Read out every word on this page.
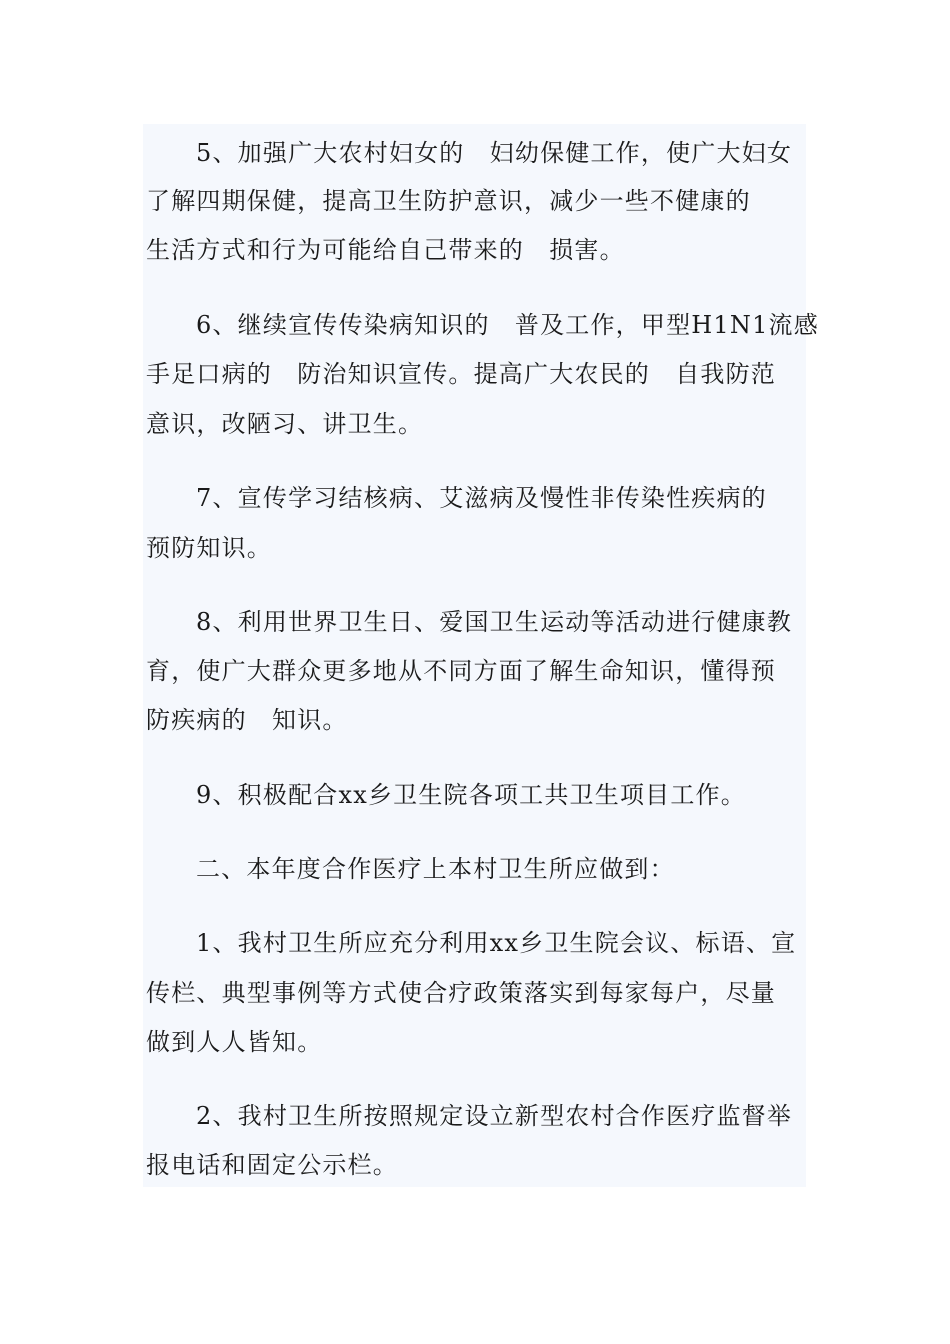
5、加强广大农村妇女的　妇幼保健工作，使广大妇女
了解四期保健，提高卫生防护意识，减少一些不健康的
生活方式和行为可能给自己带来的　损害。
6、继续宣传传染病知识的　普及工作，甲型H1N1流感
手足口病的　防治知识宣传。提高广大农民的　自我防范
意识，改陋习、讲卫生。
7、宣传学习结核病、艾滋病及慢性非传染性疾病的
预防知识。
8、利用世界卫生日、爱国卫生运动等活动进行健康教
育，使广大群众更多地从不同方面了解生命知识，懂得预
防疾病的　知识。
9、积极配合xx乡卫生院各项工共卫生项目工作。
二、本年度合作医疗上本村卫生所应做到：
1、我村卫生所应充分利用xx乡卫生院会议、标语、宣
传栏、典型事例等方式使合疗政策落实到每家每户，尽量
做到人人皆知。
2、我村卫生所按照规定设立新型农村合作医疗监督举
报电话和固定公示栏。
